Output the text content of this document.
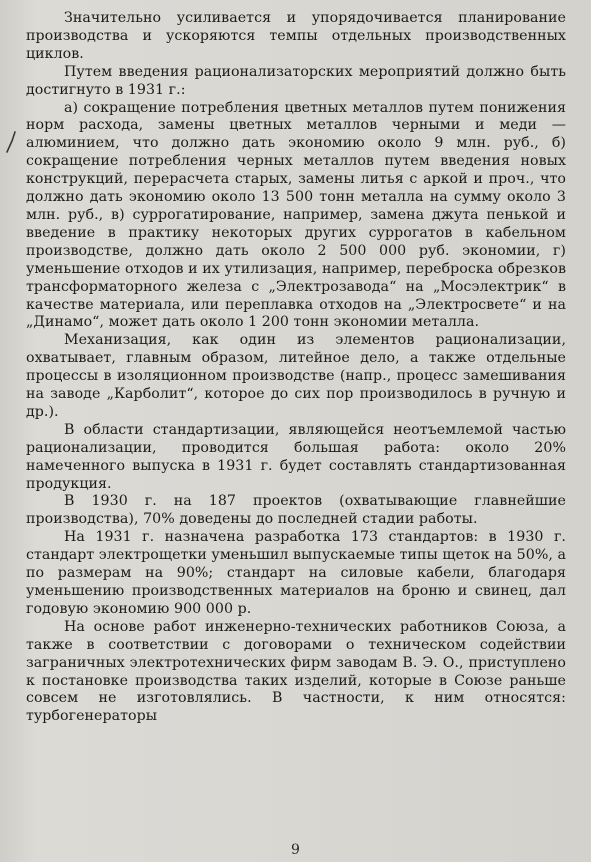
Значительно усиливается и упорядочивается планирование производства и ускоряются темпы отдельных производственных циклов.

Путем введения рационализаторских мероприятий должно быть достигнуто в 1931 г.:

а) сокращение потребления цветных металлов путем понижения норм расхода, замены цветных металлов черными и меди — алюминием, что должно дать экономию около 9 млн. руб., б) сокращение потребления черных металлов путем введения новых конструкций, перерасчета старых, замены литья с аркой и проч., что должно дать экономию около 13 500 тонн металла на сумму около 3 млн. руб., в) суррогатирование, например, замена джута пенькой и введение в практику некоторых других суррогатов в кабельном производстве, должно дать около 2 500 000 руб. экономии, г) уменьшение отходов и их утилизация, например, переброска обрезков трансформаторного железа с „Электрозавода“ на „Мосэлектрик“ в качестве материала, или переплавка отходов на „Электросвете“ и на „Динамо“, может дать около 1 200 тонн экономии металла.

Механизация, как один из элементов рационализации, охватывает, главным образом, литейное дело, а также отдельные процессы в изоляционном производстве (напр., процесс замешивания на заводе „Карболит“, которое до сих пор производилось в ручную и др.).

В области стандартизации, являющейся неотъемлемой частью рационализации, проводится большая работа: около 20% намеченного выпуска в 1931 г. будет составлять стандартизованная продукция.

В 1930 г. на 187 проектов (охватывающие главнейшие производства), 70% доведены до последней стадии работы.

На 1931 г. назначена разработка 173 стандартов: в 1930 г. стандарт электрощетки уменьшил выпускаемые типы щеток на 50%, а по размерам на 90%; стандарт на силовые кабели, благодаря уменьшению производственных материалов на броню и свинец, дал годовую экономию 900 000 р.

На основе работ инженерно-технических работников Союза, а также в соответствии с договорами о техническом содействии заграничных электротехнических фирм заводам В. Э. О., приступлено к постановке производства таких изделий, которые в Союзе раньше совсем не изготовлялись. В частности, к ним относятся: турбогенераторы

9
